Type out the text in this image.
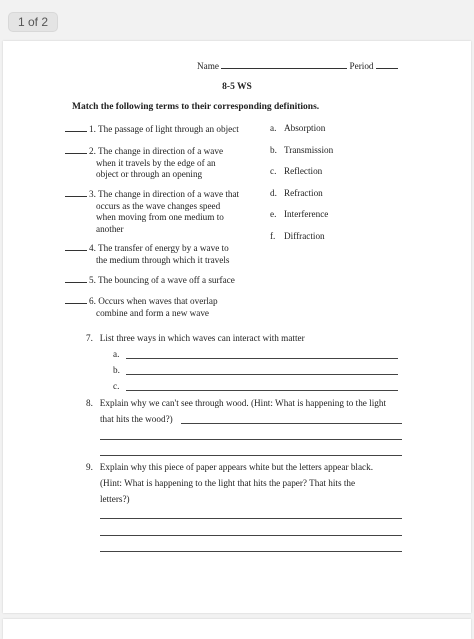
1 of 2
Name	Period
8-5 WS
Match the following terms to their corresponding definitions.
1. The passage of light through an object
2. The change in direction of a wave
when it travels by the edge of an
object or through an opening
3. The change in direction of a wave that
occurs as the wave changes speed
when moving from one medium to
another
4. The transfer of energy by a wave to
the medium through which it travels
5. The bouncing of a wave off a surface
6. Occurs when waves that overlap
combine and form a new wave
a. Absorption
b. Transmission
c. Reflection
d. Refraction
e. Interference
f. Diffraction
7.   List three ways in which waves can interact with matter
a.
b.
c.
8.   Explain why we can't see through wood. (Hint: What is happening to the light
that hits the wood?)
9.   Explain why this piece of paper appears white but the letters appear black.
(Hint: What is happening to the light that hits the paper? That hits the
letters?)
